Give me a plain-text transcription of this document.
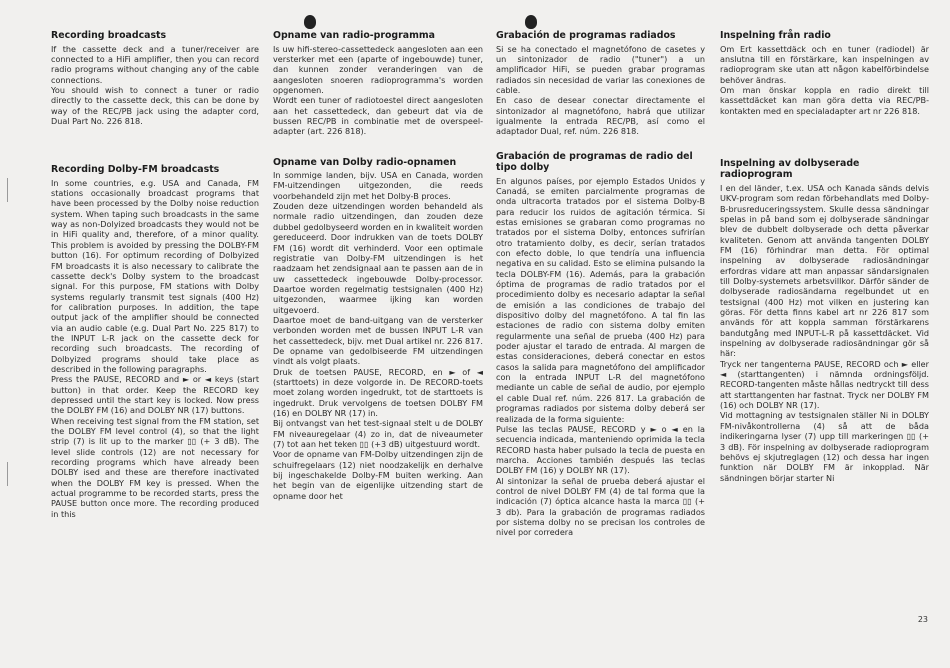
Recording broadcasts

If the cassette deck and a tuner/receiver are connected to a HiFi amplifier, then you can record radio programs without changing any of the cable connections.

You should wish to connect a tuner or radio directly to the cassette deck, this can be done by way of the REC/PB jack using the adapter cord, Dual Part No. 226 818.

Recording Dolby-FM broadcasts

In some countries, e.g. USA and Canada, FM stations occasionally broadcast programs that have been processed by the Dolby noise reduction system. When taping such broadcasts in the same way as non-Dolyized broadcasts they would not be in HiFi quality and, therefore, of a minor quality. This problem is avoided by pressing the DOLBY-FM button (16). For optimum recording of Dolbyized FM broadcasts it is also necessary to calibrate the cassette deck's Dolby system to the broadcast signal. For this purpose, FM stations with Dolby systems regularly transmit test signals (400 Hz) for calibration purposes. In addition, the tape output jack of the amplifier should be connected via an audio cable (e.g. Dual Part No. 225 817) to the INPUT L-R jack on the cassette deck for recording such broadcasts. The recording of Dolbyized programs should take place as described in the following paragraphs.

Press the PAUSE, RECORD and ► or ◄ keys (start button) in that order. Keep the RECORD key depressed until the start key is locked. Now press the DOLBY FM (16) and DOLBY NR (17) buttons.

When receiving test signal from the FM station, set the DOLBY FM level control (4), so that the light strip (7) is lit up to the marker ▯▯ (+ 3 dB). The level slide controls (12) are not necessary for recording programs which have already been DOLBY ised and these are therefore inactivated when the DOLBY FM key is pressed. When the actual programme to be recorded starts, press the PAUSE button once more. The recording produced in this

Opname van radio-programma

Is uw hifi-stereo-cassettedeck aangesloten aan een versterker met een (aparte of ingebouwde) tuner, dan kunnen zonder veranderingen van de aangesloten snoeren radioprogramma's worden opgenomen.

Wordt een tuner of radiotoestel direct aangesloten aan het cassettedeck, dan gebeurt dat via de bussen REC/PB in combinatie met de overspeel-adapter (art. 226 818).

Opname van Dolby radio-opnamen

In sommige landen, bijv. USA en Canada, worden FM-uitzendingen uitgezonden, die reeds voorbehandeld zijn met het Dolby-B proces.

Zouden deze uitzendingen worden behandeld als normale radio uitzendingen, dan zouden deze dubbel gedolbyseerd worden en in kwaliteit worden gereduceerd. Door indrukken van de toets DOLBY FM (16) wordt dit verhinderd. Voor een optimale registratie van Dolby-FM uitzendingen is het raadzaam het zendsignaal aan te passen aan de in uw cassettedeck ingebouwde Dolby-processor. Daartoe worden regelmatig testsignalen (400 Hz) uitgezonden, waarmee ijking kan worden uitgevoerd.

Daartoe moet de band-uitgang van de versterker verbonden worden met de bussen INPUT L-R van het cassettedeck, bijv. met Dual artikel nr. 226 817. De opname van gedolbiseerde FM uitzendingen vindt als volgt plaats.

Druk de toetsen PAUSE, RECORD, en ► of ◄ (starttoets) in deze volgorde in. De RECORD-toets moet zolang worden ingedrukt, tot de starttoets is ingedrukt. Druk vervolgens de toetsen DOLBY FM (16) en DOLBY NR (17) in.

Bij ontvangst van het test-signaal stelt u de DOLBY FM niveauregelaar (4) zo in, dat de niveaumeter (7) tot aan het teken ▯▯ (+3 dB) uitgestuurd wordt.

Voor de opname van FM-Dolby uitzendingen zijn de schuifregelaars (12) niet noodzakelijk en derhalve bij ingeschakelde Dolby-FM buiten werking. Aan het begin van de eigenlijke uitzending start de opname door het

Grabación de programas radiados

Si se ha conectado el magnetófono de casetes y un sintonizador de radio ("tuner") a un amplificador HiFi, se pueden grabar programas radiados sin necesidad de variar las conexiones de cable.

En caso de desear conectar directamente el sintonizador al magnetófono, habrá que utilizar igualmente la entrada REC/PB, así como el adaptador Dual, ref. núm. 226 818.

Grabación de programas de radio del tipo dolby

En algunos países, por ejemplo Estados Unidos y Canadá, se emiten parcialmente programas de onda ultracorta tratados por el sistema Dolby-B para reducir los ruidos de agitación térmica. Si estas emisiones se grabaran como programas no tratados por el sistema Dolby, entonces sufrirían otro tratamiento dolby, es decir, serían tratados con efecto doble, lo que tendría una influencia negativa en su calidad. Esto se elimina pulsando la tecla DOLBY-FM (16). Además, para la grabación óptima de programas de radio tratados por el procedimiento dolby es necesario adaptar la señal de emisión a las condiciones de trabajo del dispositivo dolby del magnetófono. A tal fin las estaciones de radio con sistema dolby emiten regularmente una señal de prueba (400 Hz) para poder ajustar el tarado de entrada. Al margen de estas consideraciones, deberá conectar en estos casos la salida para magnetófono del amplificador con la entrada INPUT L-R del magnetófono mediante un cable de señal de audio, por ejemplo el cable Dual ref. núm. 226 817. La grabación de programas radiados por sistema dolby deberá ser realizada de la forma siguiente:

Pulse las teclas PAUSE, RECORD y ► o ◄ en la secuencia indicada, manteniendo oprimida la tecla RECORD hasta haber pulsado la tecla de puesta en marcha. Acciones también después las teclas DOLBY FM (16) y DOLBY NR (17).

Al sintonizar la señal de prueba deberá ajustar el control de nivel DOLBY FM (4) de tal forma que la indicación (7) óptica alcance hasta la marca ▯▯ (+ 3 db). Para la grabación de programas radiados por sistema dolby no se precisan los controles de nivel por corredera

Inspelning från radio

Om Ert kassettdäck och en tuner (radiodel) är anslutna till en förstärkare, kan inspelningen av radioprogram ske utan att någon kabelförbindelse behöver ändras.

Om man önskar koppla en radio direkt till kassettdäcket kan man göra detta via REC/PB-kontakten med en specialadapter art nr 226 818.

Inspelning av dolbyserade radioprogram

I en del länder, t.ex. USA och Kanada sänds delvis UKV-program som redan förbehandlats med Dolby-B-brusreduceringssystem. Skulle dessa sändningar spelas in på band som ej dolbyserade sändningar blev de dubbelt dolbyserade och detta påverkar kvaliteten. Genom att använda tangenten DOLBY FM (16) förhindrar man detta. För optimal inspelning av dolbyserade radiosändningar erfordras vidare att man anpassar sändarsignalen till Dolby-systemets arbetsvillkor. Därför sänder de dolbyserade radiosändarna regelbundet ut en testsignal (400 Hz) mot vilken en justering kan göras. För detta finns kabel art nr 226 817 som används för att koppla samman förstärkarens bandutgång med INPUT-L-R på kassettdäcket. Vid inspelning av dolbyserade radiosändningar gör så här:

Tryck ner tangenterna PAUSE, RECORD och ► eller ◄ (starttangenten) i nämnda ordningsföljd. RECORD-tangenten måste hållas nedtryckt till dess att starttangenten har fastnat. Tryck ner DOLBY FM (16) och DOLBY NR (17).

Vid mottagning av testsignalen ställer Ni in DOLBY FM-nivåkontrollerna (4) så att de båda indikeringarna lyser (7) upp till markeringen ▯▯ (+ 3 dB). För inspelning av dolbyserade radioprogram behövs ej skjutreglagen (12) och dessa har ingen funktion när DOLBY FM är inkopplad. När sändningen börjar starter Ni

23
